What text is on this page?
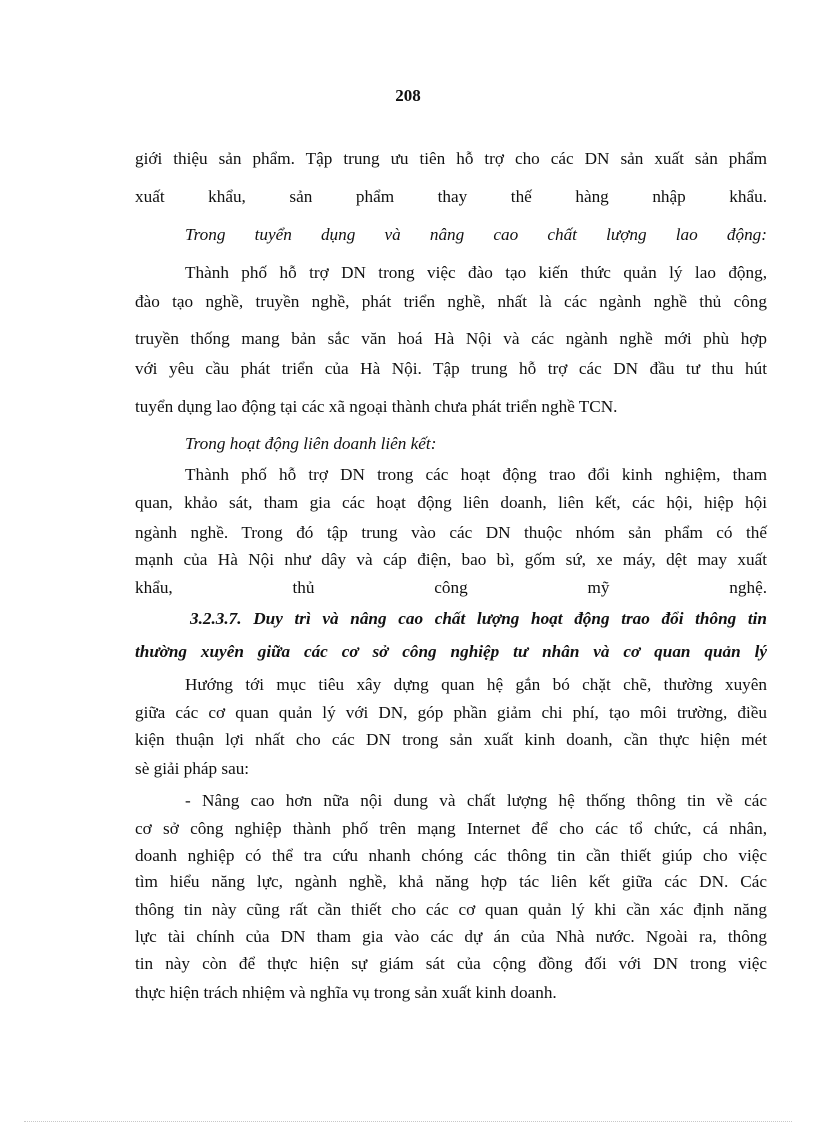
208
giới thiệu sản phẩm. Tập trung ưu tiên hỗ trợ cho các DN sản xuất sản phẩm
xuất khẩu, sản phẩm thay thế hàng nhập khẩu.
Trong tuyển dụng và nâng cao chất lượng lao động:
Thành phố hỗ trợ DN trong việc đào tạo kiến thức quản lý lao động,
đào tạo nghề, truyền nghề, phát triển nghề, nhất là các ngành nghề thủ công
truyền thống mang bản sắc văn hoá Hà Nội và các ngành nghề mới phù hợp
với yêu cầu phát triển của Hà Nội. Tập trung hỗ trợ các DN đầu tư thu hút
tuyển dụng lao động tại các xã ngoại thành chưa phát triển nghề TCN.
Trong hoạt động liên doanh liên kết:
Thành phố hỗ trợ DN trong các hoạt động trao đổi kinh nghiệm, tham
quan, khảo sát, tham gia các hoạt động liên doanh, liên kết, các hội, hiệp hội
ngành nghề. Trong đó tập trung vào các DN thuộc nhóm sản phẩm có thế
mạnh của Hà Nội như dây và cáp điện, bao bì, gốm sứ, xe máy, dệt may xuất
khẩu, thủ công mỹ nghệ.
3.2.3.7. Duy trì và nâng cao chất lượng hoạt động trao đổi thông tin
thường xuyên giữa các cơ sở công nghiệp tư nhân và cơ quan quản lý
Hướng tới mục tiêu xây dựng quan hệ gắn bó chặt chẽ, thường xuyên
giữa các cơ quan quản lý với DN, góp phần giảm chi phí, tạo môi trường, điều
kiện thuận lợi nhất cho các DN trong sản xuất kinh doanh, cần thực hiện mét
sè giải pháp sau:
- Nâng cao hơn nữa nội dung và chất lượng hệ thống thông tin về các
cơ sở công nghiệp thành phố trên mạng Internet để cho các tổ chức, cá nhân,
doanh nghiệp có thể tra cứu nhanh chóng các thông tin cần thiết giúp cho việc
tìm hiểu năng lực, ngành nghề, khả năng hợp tác liên kết giữa các DN. Các
thông tin này cũng rất cần thiết cho các cơ quan quản lý khi cần xác định năng
lực tài chính của DN tham gia vào các dự án của Nhà nước. Ngoài ra, thông
tin này còn để thực hiện sự giám sát của cộng đồng đối với DN trong việc
thực hiện trách nhiệm và nghĩa vụ trong sản xuất kinh doanh.
